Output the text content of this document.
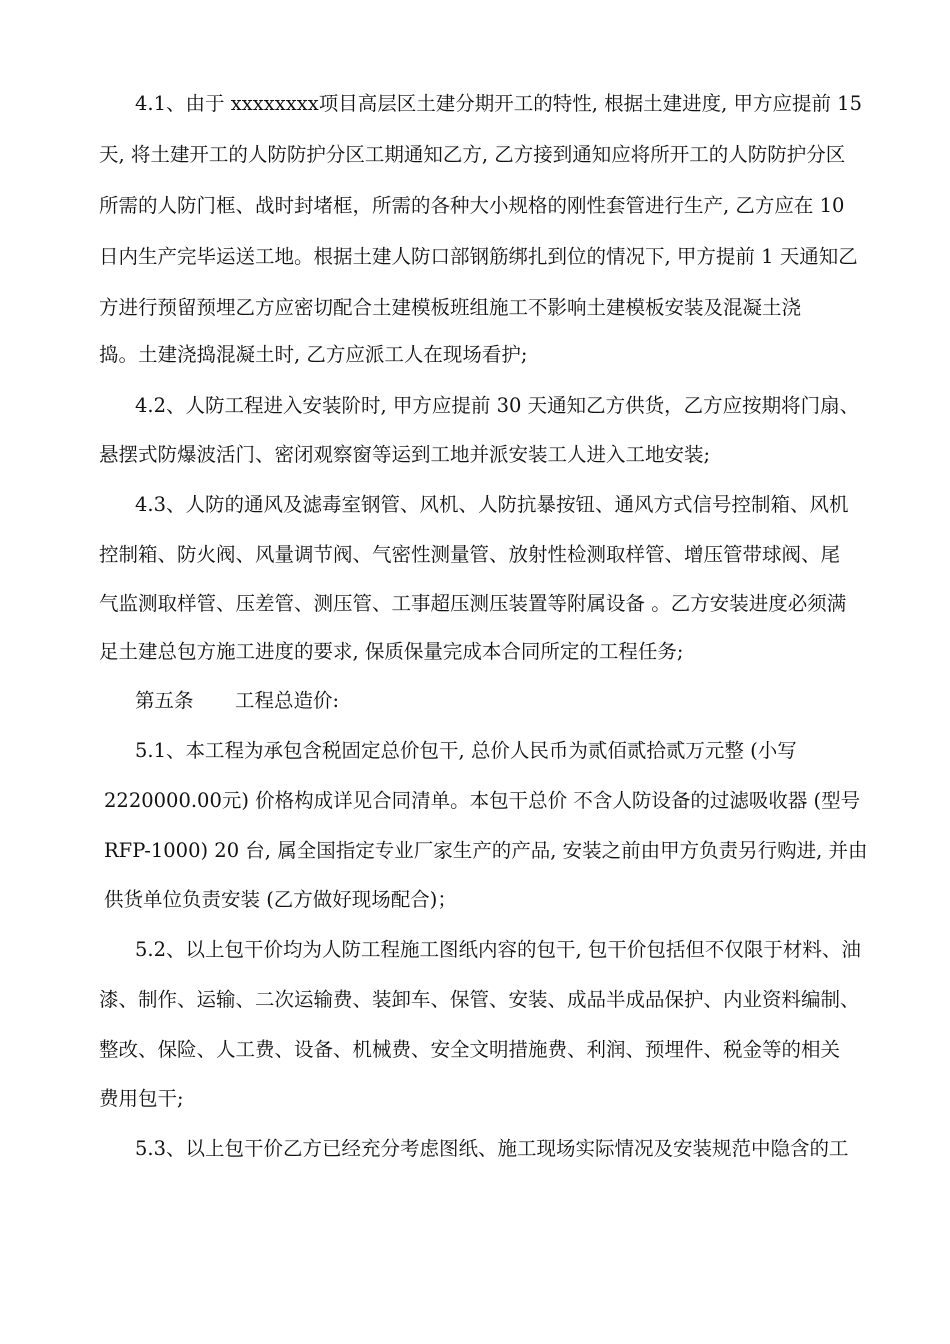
4.1、由于 xxxxxxxx项目高层区土建分期开工的特性, 根据土建进度, 甲方应提前 15
天, 将土建开工的人防防护分区工期通知乙方, 乙方接到通知应将所开工的人防防护分区
所需的人防门框、战时封堵框，所需的各种大小规格的刚性套管进行生产, 乙方应在 10
日内生产完毕运送工地。根据土建人防口部钢筋绑扎到位的情况下, 甲方提前 1 天通知乙
方进行预留预埋乙方应密切配合土建模板班组施工不影响土建模板安装及混凝土浇
捣。土建浇捣混凝土时, 乙方应派工人在现场看护;
4.2、人防工程进入安装阶时, 甲方应提前 30 天通知乙方供货，乙方应按期将门扇、
悬摆式防爆波活门、密闭观察窗等运到工地并派安装工人进入工地安装;
4.3、人防的通风及滤毒室钢管、风机、人防抗暴按钮、通风方式信号控制箱、风机
控制箱、防火阀、风量调节阀、气密性测量管、放射性检测取样管、增压管带球阀、尾
气监测取样管、压差管、测压管、工事超压测压装置等附属设备 。乙方安装进度必须满
足土建总包方施工进度的要求, 保质保量完成本合同所定的工程任务;
第五条 工程总造价:
5.1、本工程为承包含税固定总价包干, 总价人民币为贰佰贰拾贰万元整 (小写
2220000.00元) 价格构成详见合同清单。本包干总价 不含人防设备的过滤吸收器 (型号
RFP-1000) 20 台, 属全国指定专业厂家生产的产品, 安装之前由甲方负责另行购进, 并由
供货单位负责安装 (乙方做好现场配合)；
5.2、以上包干价均为人防工程施工图纸内容的包干, 包干价包括但不仅限于材料、油
漆、制作、运输、二次运输费、装卸车、保管、安装、成品半成品保护、内业资料编制、
整改、保险、人工费、设备、机械费、安全文明措施费、利润、预埋件、税金等的相关
费用包干;
5.3、以上包干价乙方已经充分考虑图纸、施工现场实际情况及安装规范中隐含的工
